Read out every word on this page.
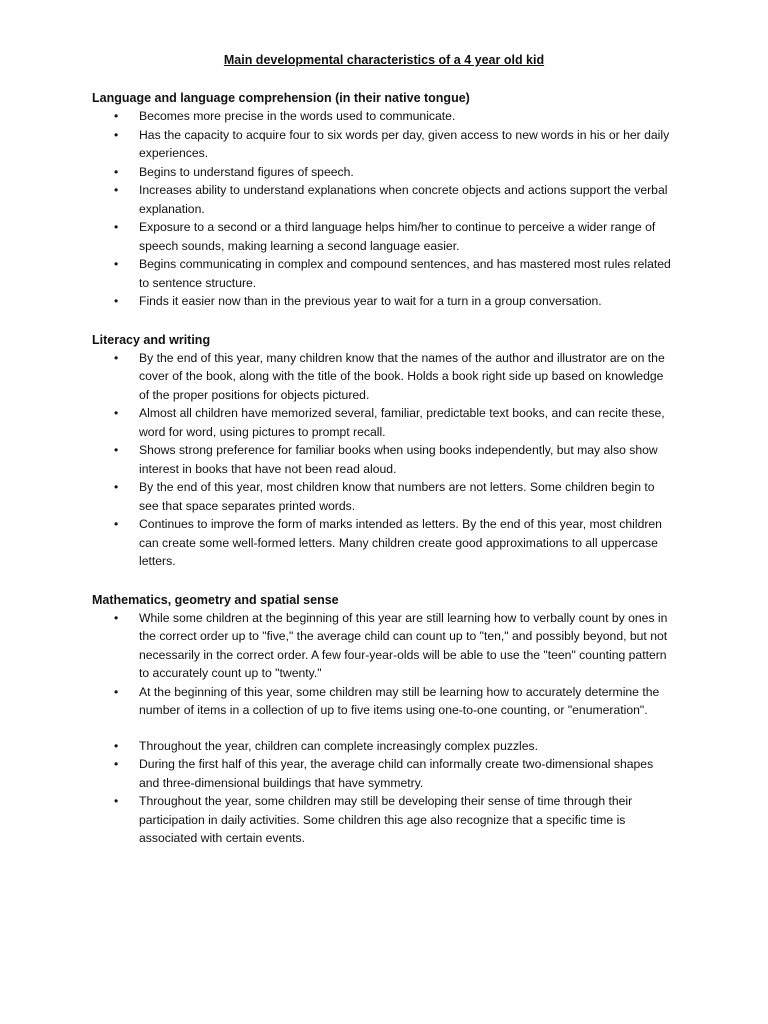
Main developmental characteristics of a 4 year old kid
Language and language comprehension (in their native tongue)
• Becomes more precise in the words used to communicate.
• Has the capacity to acquire four to six words per day, given access to new words in his or her daily experiences.
• Begins to understand figures of speech.
• Increases ability to understand explanations when concrete objects and actions support the verbal explanation.
• Exposure to a second or a third language helps him/her to continue to perceive a wider range of speech sounds, making learning a second language easier.
• Begins communicating in complex and compound sentences, and has mastered most rules related to sentence structure.
• Finds it easier now than in the previous year to wait for a turn in a group conversation.
Literacy and writing
• By the end of this year, many children know that the names of the author and illustrator are on the cover of the book, along with the title of the book. Holds a book right side up based on knowledge of the proper positions for objects pictured.
• Almost all children have memorized several, familiar, predictable text books, and can recite these, word for word, using pictures to prompt recall.
• Shows strong preference for familiar books when using books independently, but may also show interest in books that have not been read aloud.
• By the end of this year, most children know that numbers are not letters. Some children begin to see that space separates printed words.
• Continues to improve the form of marks intended as letters. By the end of this year, most children can create some well-formed letters. Many children create good approximations to all uppercase letters.
Mathematics, geometry and spatial sense
• While some children at the beginning of this year are still learning how to verbally count by ones in the correct order up to "five," the average child can count up to "ten," and possibly beyond, but not necessarily in the correct order. A few four-year-olds will be able to use the "teen" counting pattern to accurately count up to "twenty."
• At the beginning of this year, some children may still be learning how to accurately determine the number of items in a collection of up to five items using one-to-one counting, or "enumeration".
• Throughout the year, children can complete increasingly complex puzzles.
• During the first half of this year, the average child can informally create two-dimensional shapes and three-dimensional buildings that have symmetry.
• Throughout the year, some children may still be developing their sense of time through their participation in daily activities. Some children this age also recognize that a specific time is associated with certain events.
